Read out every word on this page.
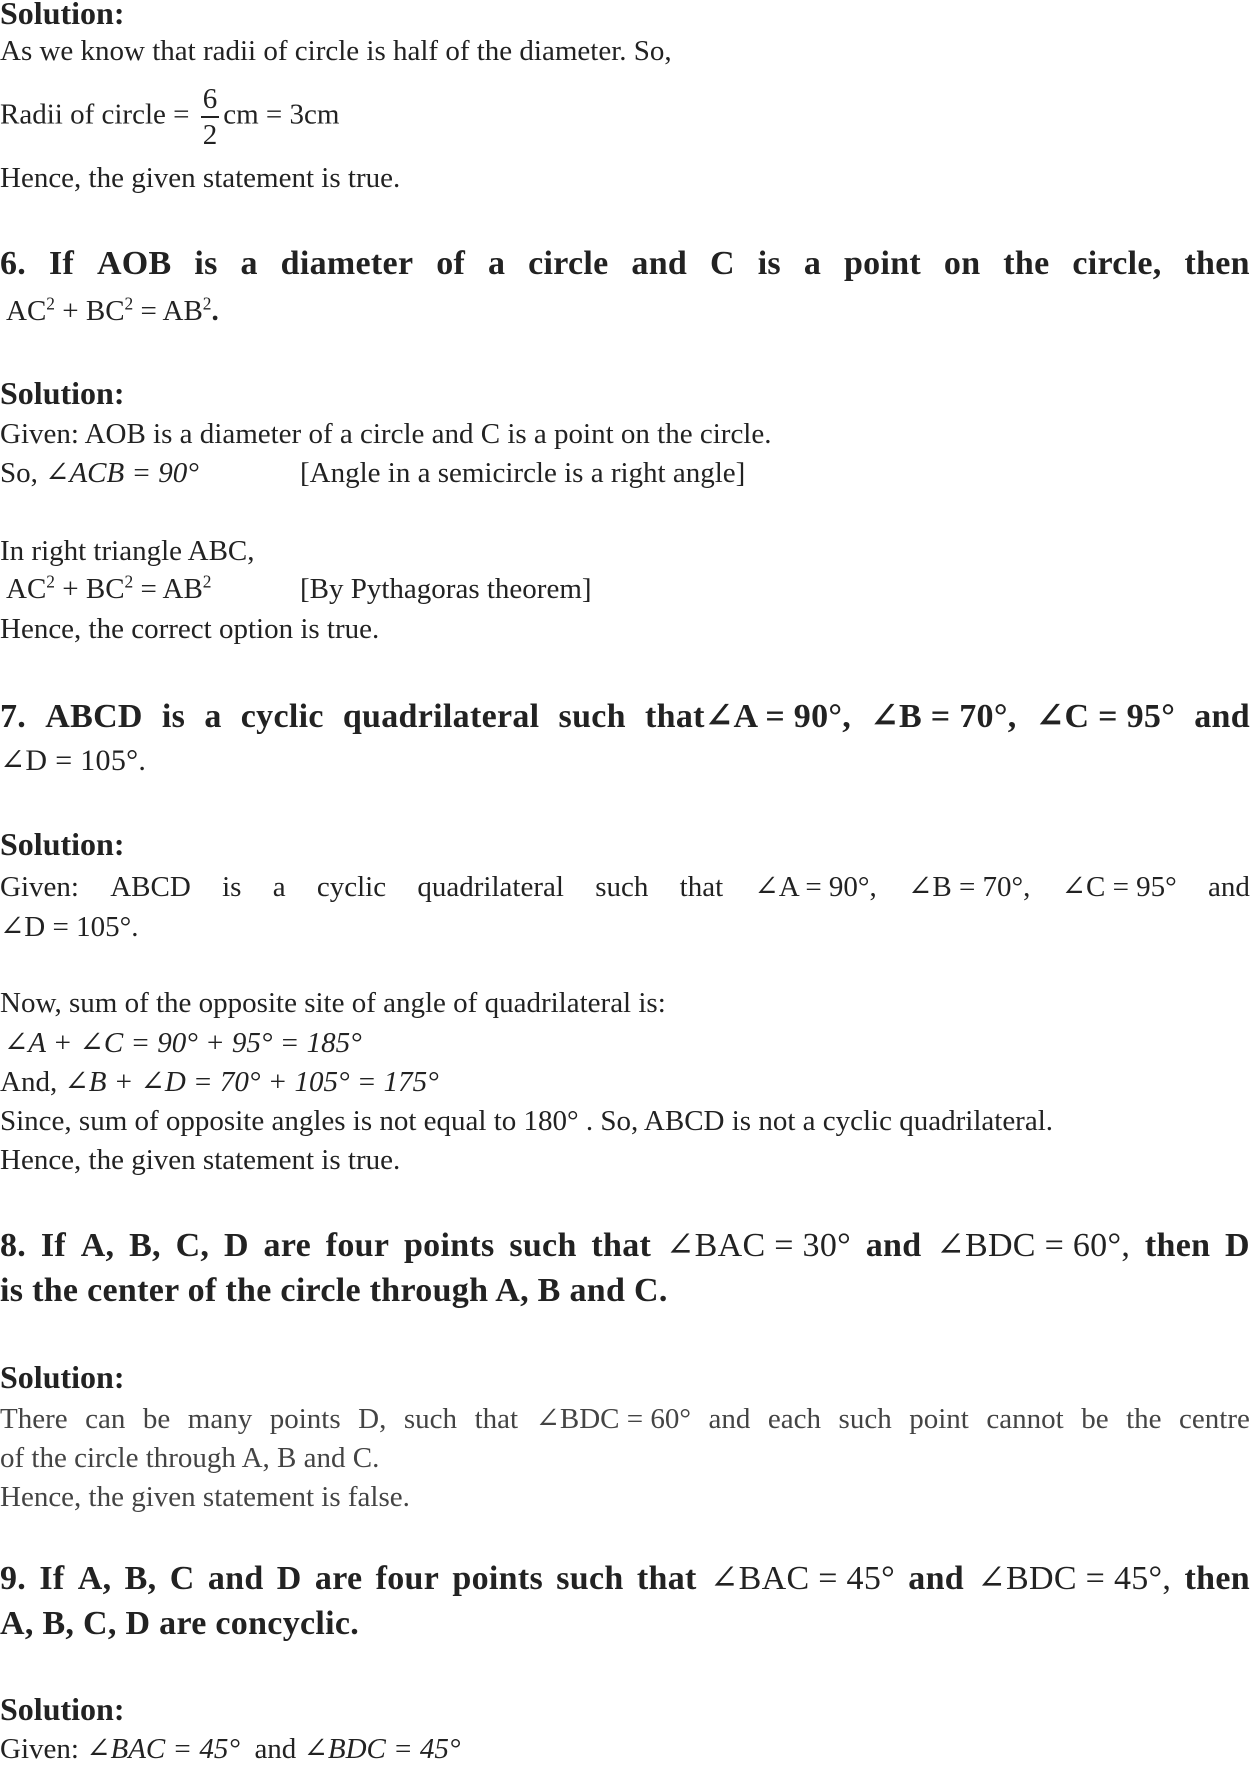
Solution:
As we know that radii of circle is half of the diameter. So,
Radii of circle = $\frac{6}{2}$ cm = 3cm
Hence, the given statement is true.
6. If AOB is a diameter of a circle and C is a point on the circle, then
$AC^2 + BC^2 = AB^2$.
Solution:
Given: AOB is a diameter of a circle and C is a point on the circle.
So, ∠ACB = 90°	[Angle in a semicircle is a right angle]
In right triangle ABC,
$AC^2 + BC^2 = AB^2$	[By Pythagoras theorem]
Hence, the correct option is true.
7. ABCD is a cyclic quadrilateral such that∠A = 90°, ∠B = 70°, ∠C = 95° and
∠D = 105°.
Solution:
Given: ABCD is a cyclic quadrilateral such that ∠A = 90°, ∠B = 70°, ∠C = 95° and
∠D = 105°.
Now, sum of the opposite site of angle of quadrilateral is:
∠A + ∠C = 90° + 95° = 185°
And, ∠B + ∠D = 70° + 105° = 175°
Since, sum of opposite angles is not equal to 180° . So, ABCD is not a cyclic quadrilateral.
Hence, the given statement is true.
8. If A, B, C, D are four points such that ∠BAC = 30° and ∠BDC = 60°, then D
is the center of the circle through A, B and C.
Solution:
There can be many points D, such that ∠BDC = 60° and each such point cannot be the centre
of the circle through A, B and C.
Hence, the given statement is false.
9. If A, B, C and D are four points such that ∠BAC = 45° and ∠BDC = 45°, then
A, B, C, D are concyclic.
Solution:
Given: ∠BAC = 45° and ∠BDC = 45°
